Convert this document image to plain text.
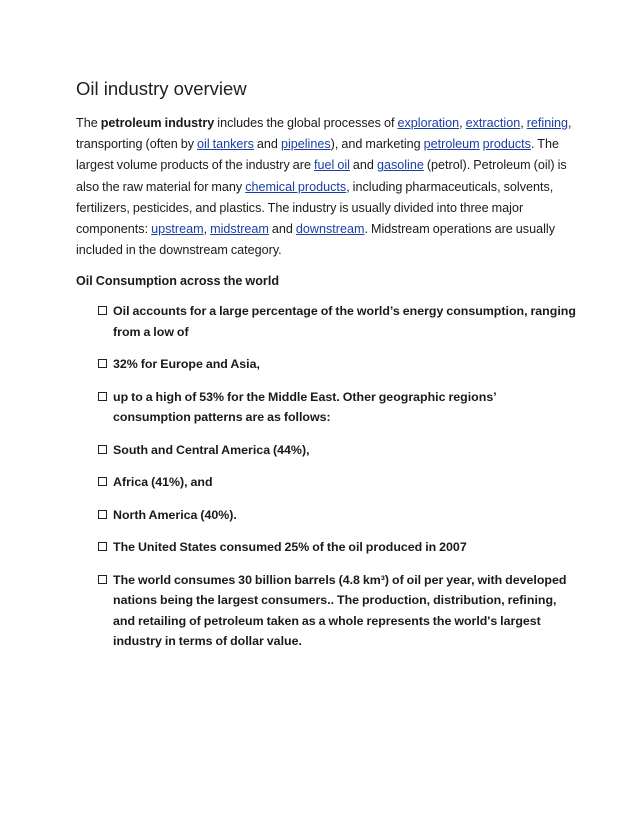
Oil industry overview

The petroleum industry includes the global processes of exploration, extraction, refining, transporting (often by oil tankers and pipelines), and marketing petroleum products. The largest volume products of the industry are fuel oil and gasoline (petrol). Petroleum (oil) is also the raw material for many chemical products, including pharmaceuticals, solvents, fertilizers, pesticides, and plastics. The industry is usually divided into three major components: upstream, midstream and downstream. Midstream operations are usually included in the downstream category.

Oil Consumption across the world
Oil accounts for a large percentage of the world’s energy consumption, ranging from a low of
32% for Europe and Asia,
up to a high of 53% for the Middle East. Other geographic regions’ consumption patterns are as follows:
South and Central America (44%),
Africa (41%), and
North America (40%).
The United States consumed 25% of the oil produced in 2007
The world consumes 30 billion barrels (4.8 km³) of oil per year, with developed nations being the largest consumers.. The production, distribution, refining, and retailing of petroleum taken as a whole represents the world's largest industry in terms of dollar value.
